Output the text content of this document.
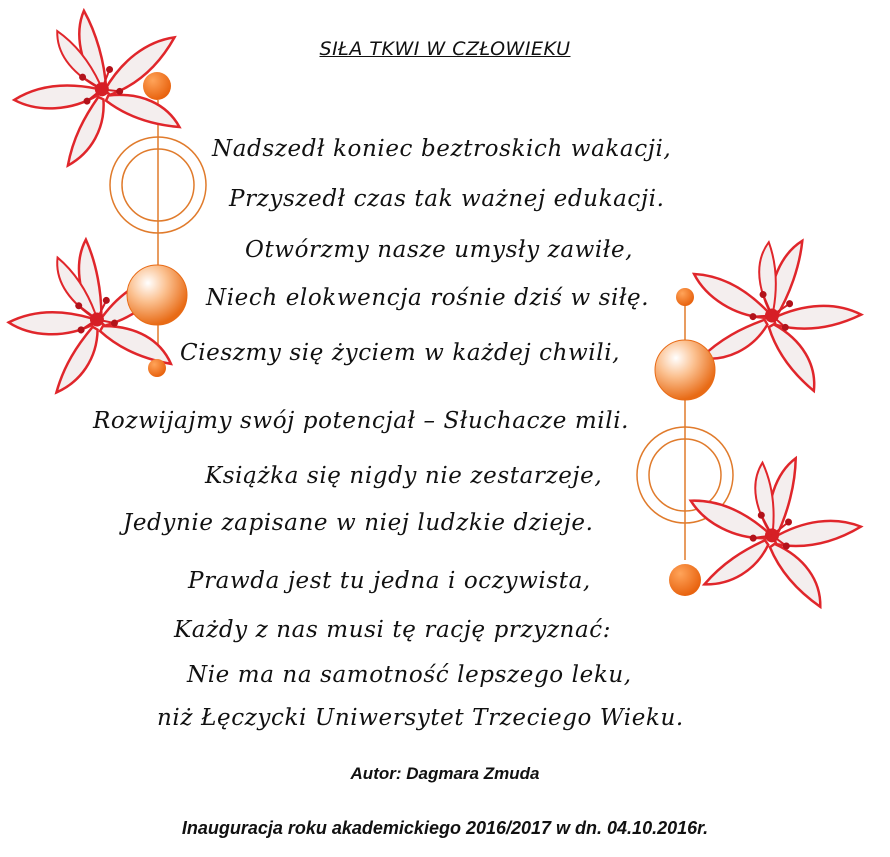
SIŁA TKWI W CZŁOWIEKU
Nadszedł koniec beztroskich wakacji,
Przyszedł czas tak ważnej edukacji.
Otwórzmy nasze umysły zawiłe,
Niech elokwencja rośnie dziś w siłę.
Cieszmy się życiem w każdej chwili,
Rozwijajmy swój potencjał – Słuchacze mili.
Książka się nigdy nie zestarzeje,
Jedynie zapisane w niej ludzkie dzieje.
Prawda jest tu jedna i oczywista,
Każdy z nas musi tę rację przyznać:
Nie ma na samotność lepszego leku,
niż Łęczycki Uniwersytet Trzeciego Wieku.
Autor: Dagmara Zmuda
Inauguracja roku akademickiego 2016/2017 w dn. 04.10.2016r.
